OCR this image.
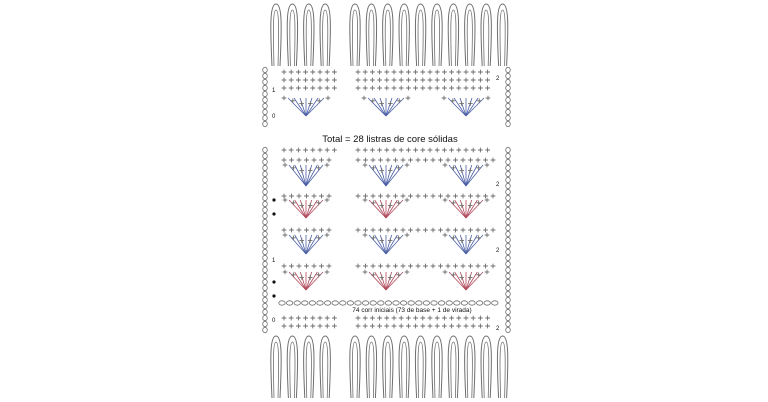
Total = 28 listras de core sólidas
74 corr iniciais (73 de base + 1 de virada)
1
0
1
0
2
2
2
2
